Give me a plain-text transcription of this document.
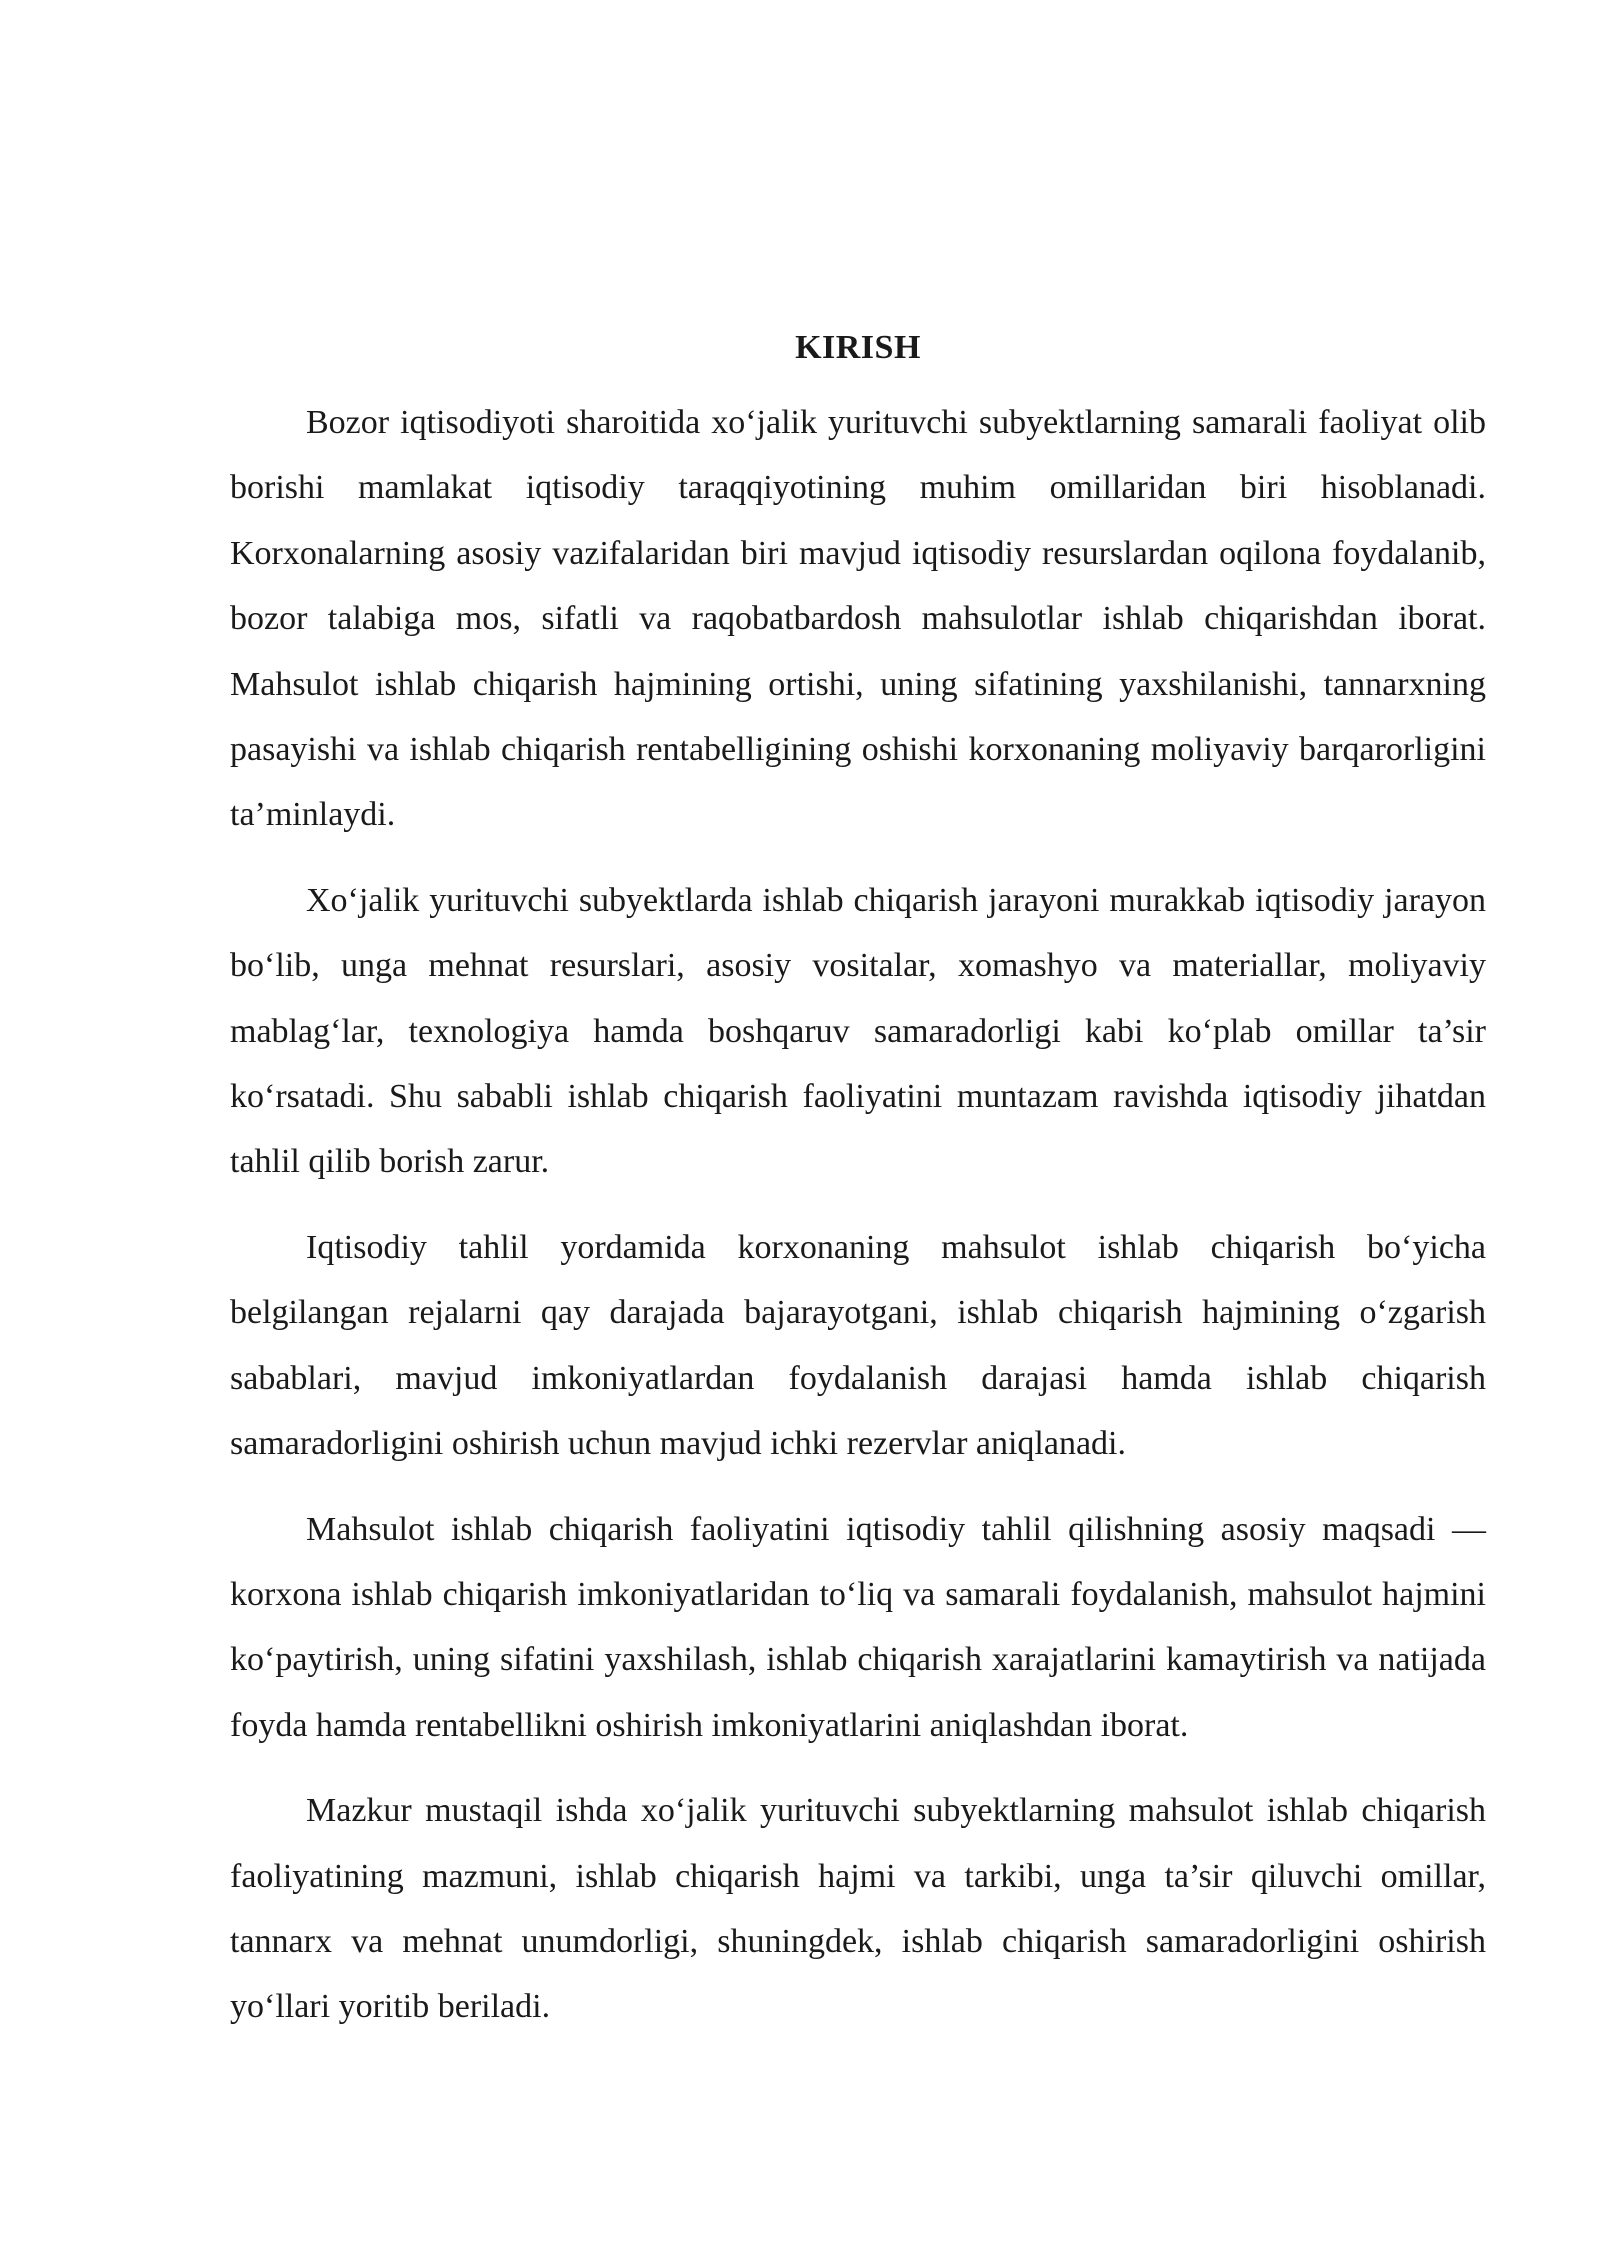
KIRISH

Bozor iqtisodiyoti sharoitida xo‘jalik yurituvchi subyektlarning samarali faoliyat olib borishi mamlakat iqtisodiy taraqqiyotining muhim omillaridan biri hisoblanadi. Korxonalarning asosiy vazifalaridan biri mavjud iqtisodiy resurslardan oqilona foydalanib, bozor talabiga mos, sifatli va raqobatbardosh mahsulotlar ishlab chiqarishdan iborat. Mahsulot ishlab chiqarish hajmining ortishi, uning sifatining yaxshilanishi, tannarxning pasayishi va ishlab chiqarish rentabelligining oshishi korxonaning moliyaviy barqarorligini ta’minlaydi.

Xo‘jalik yurituvchi subyektlarda ishlab chiqarish jarayoni murakkab iqtisodiy jarayon bo‘lib, unga mehnat resurslari, asosiy vositalar, xomashyo va materiallar, moliyaviy mablag‘lar, texnologiya hamda boshqaruv samaradorligi kabi ko‘plab omillar ta’sir ko‘rsatadi. Shu sababli ishlab chiqarish faoliyatini muntazam ravishda iqtisodiy jihatdan tahlil qilib borish zarur.

Iqtisodiy tahlil yordamida korxonaning mahsulot ishlab chiqarish bo‘yicha belgilangan rejalarni qay darajada bajarayotgani, ishlab chiqarish hajmining o‘zgarish sabablari, mavjud imkoniyatlardan foydalanish darajasi hamda ishlab chiqarish samaradorligini oshirish uchun mavjud ichki rezervlar aniqlanadi.

Mahsulot ishlab chiqarish faoliyatini iqtisodiy tahlil qilishning asosiy maqsadi — korxona ishlab chiqarish imkoniyatlaridan to‘liq va samarali foydalanish, mahsulot hajmini ko‘paytirish, uning sifatini yaxshilash, ishlab chiqarish xarajatlarini kamaytirish va natijada foyda hamda rentabellikni oshirish imkoniyatlarini aniqlashdan iborat.

Mazkur mustaqil ishda xo‘jalik yurituvchi subyektlarning mahsulot ishlab chiqarish faoliyatining mazmuni, ishlab chiqarish hajmi va tarkibi, unga ta’sir qiluvchi omillar, tannarx va mehnat unumdorligi, shuningdek, ishlab chiqarish samaradorligini oshirish yo‘llari yoritib beriladi.
